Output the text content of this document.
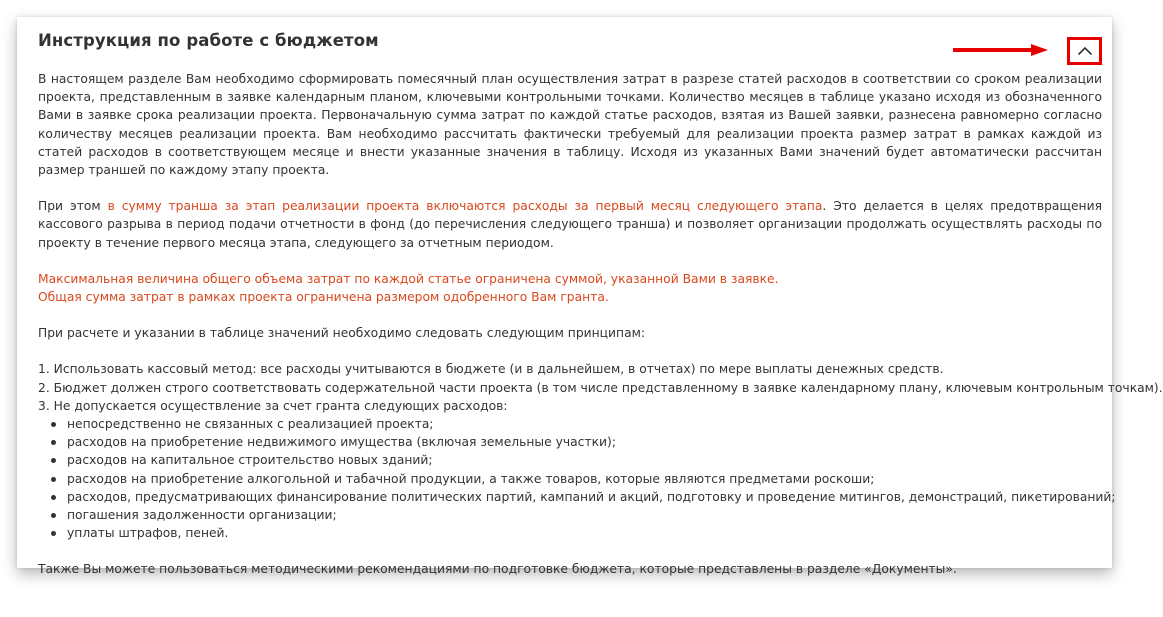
Инструкция по работе с бюджетом

В настоящем разделе Вам необходимо сформировать помесячный план осуществления затрат в разрезе статей расходов в соответствии со сроком реализации проекта, представленным в заявке календарным планом, ключевыми контрольными точками. Количество месяцев в таблице указано исходя из обозначенного Вами в заявке срока реализации проекта. Первоначальную сумма затрат по каждой статье расходов, взятая из Вашей заявки, разнесена равномерно согласно количеству месяцев реализации проекта. Вам необходимо рассчитать фактически требуемый для реализации проекта размер затрат в рамках каждой из статей расходов в соответствующем месяце и внести указанные значения в таблицу. Исходя из указанных Вами значений будет автоматически рассчитан размер траншей по каждому этапу проекта.

При этом в сумму транша за этап реализации проекта включаются расходы за первый месяц следующего этапа. Это делается в целях предотвращения кассового разрыва в период подачи отчетности в фонд (до перечисления следующего транша) и позволяет организации продолжать осуществлять расходы по проекту в течение первого месяца этапа, следующего за отчетным периодом.

Максимальная величина общего объема затрат по каждой статье ограничена суммой, указанной Вами в заявке.

Общая сумма затрат в рамках проекта ограничена размером одобренного Вам гранта.

При расчете и указании в таблице значений необходимо следовать следующим принципам:

1. Использовать кассовый метод: все расходы учитываются в бюджете (и в дальнейшем, в отчетах) по мере выплаты денежных средств.

2. Бюджет должен строго соответствовать содержательной части проекта (в том числе представленному в заявке календарному плану, ключевым контрольным точкам).

3. Не допускается осуществление за счет гранта следующих расходов:

непосредственно не связанных с реализацией проекта;
расходов на приобретение недвижимого имущества (включая земельные участки);
расходов на капитальное строительство новых зданий;
расходов на приобретение алкогольной и табачной продукции, а также товаров, которые являются предметами роскоши;
расходов, предусматривающих финансирование политических партий, кампаний и акций, подготовку и проведение митингов, демонстраций, пикетирований;
погашения задолженности организации;
уплаты штрафов, пеней.

Также Вы можете пользоваться методическими рекомендациями по подготовке бюджета, которые представлены в разделе «Документы».
